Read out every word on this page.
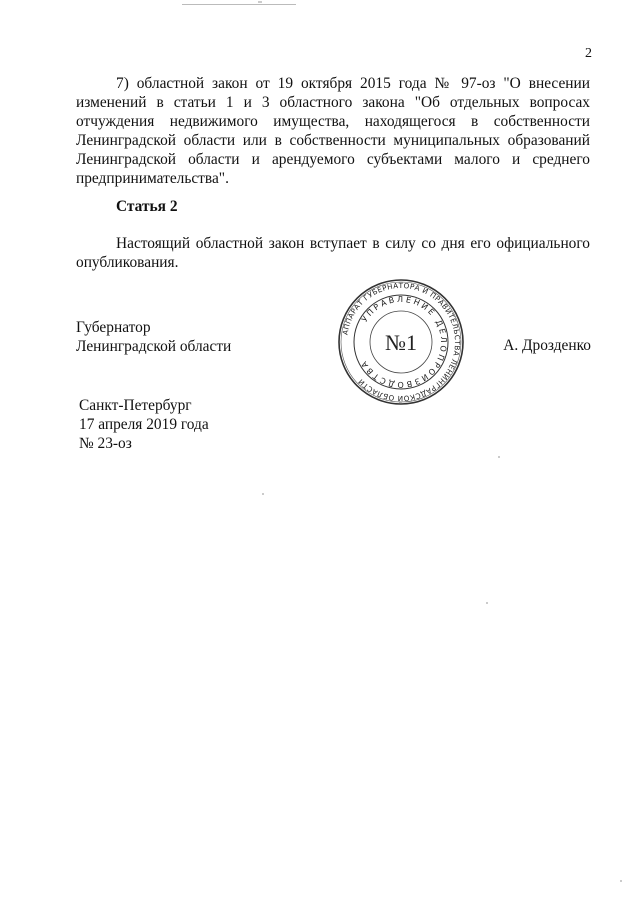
2

7) областной закон от 19 октября 2015 года № 97-оз "О внесении изменений в статьи 1 и 3 областного закона "Об отдельных вопросах отчуждения недвижимого имущества, находящегося в собственности Ленинградской области или в собственности муниципальных образований Ленинградской области и арендуемого субъектами малого и среднего предпринимательства".

Статья 2

Настоящий областной закон вступает в силу со дня его официального опубликования.

Губернатор
Ленинградской области
АППАРАТ ГУБЕРНАТОРА И ПРАВИТЕЛЬСТВА ЛЕНИНГРАДСКОЙ ОБЛАСТИ
УПРАВЛЕНИЕ ДЕЛОПРОИЗВОДСТВА
№1	А. Дрозденко
Санкт-Петербург
17 апреля 2019 года
№ 23-оз
